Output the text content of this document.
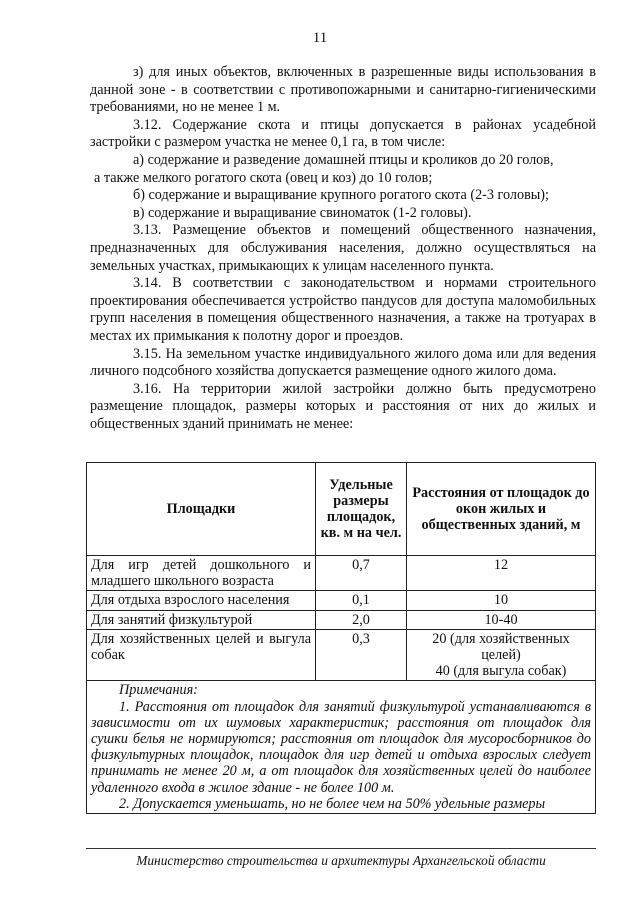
11

з) для иных объектов, включенных в разрешенные виды использования в данной зоне - в соответствии с противопожарными и санитарно-гигиеническими требованиями, но не менее 1 м.

3.12. Содержание скота и птицы допускается в районах усадебной застройки с размером участка не менее 0,1 га, в том числе:

а) содержание и разведение домашней птицы и кроликов до 20 голов,

а также мелкого рогатого скота (овец и коз) до 10 голов;

б) содержание и выращивание крупного рогатого скота (2-3 головы);

в) содержание и выращивание свиноматок (1-2 головы).

3.13. Размещение объектов и помещений общественного назначения, предназначенных для обслуживания населения, должно осуществляться на земельных участках, примыкающих к улицам населенного пункта.

3.14. В соответствии с законодательством и нормами строительного проектирования обеспечивается устройство пандусов для доступа маломобильных групп населения в помещения общественного назначения, а также на тротуарах в местах их примыкания к полотну дорог и проездов.

3.15. На земельном участке индивидуального жилого дома или для ведения личного подсобного хозяйства допускается размещение одного жилого дома.

3.16. На территории жилой застройки должно быть предусмотрено размещение площадок, размеры которых и расстояния от них до жилых и общественных зданий принимать не менее:

Площадки	Удельные размеры площадок, кв. м на чел.	Расстояния от площадок до окон жилых и общественных зданий, м
Для игр детей дошкольного и младшего школьного возраста	0,7	12
Для отдыха взрослого населения	0,1	10
Для занятий физкультурой	2,0	10-40
Для хозяйственных целей и выгула собак	0,3	20 (для хозяйственных целей)
40 (для выгула собак)

Примечания:

1. Расстояния от площадок для занятий физкультурой устанавливаются в зависимости от их шумовых характеристик; расстояния от площадок для сушки белья не нормируются; расстояния от площадок для мусоросборников до физкультурных площадок, площадок для игр детей и отдыха взрослых следует принимать не менее 20 м, а от площадок для хозяйственных целей до наиболее удаленного входа в жилое здание - не более 100 м.

2. Допускается уменьшать, но не более чем на 50% удельные размеры		

Министерство строительства и архитектуры Архангельской области
